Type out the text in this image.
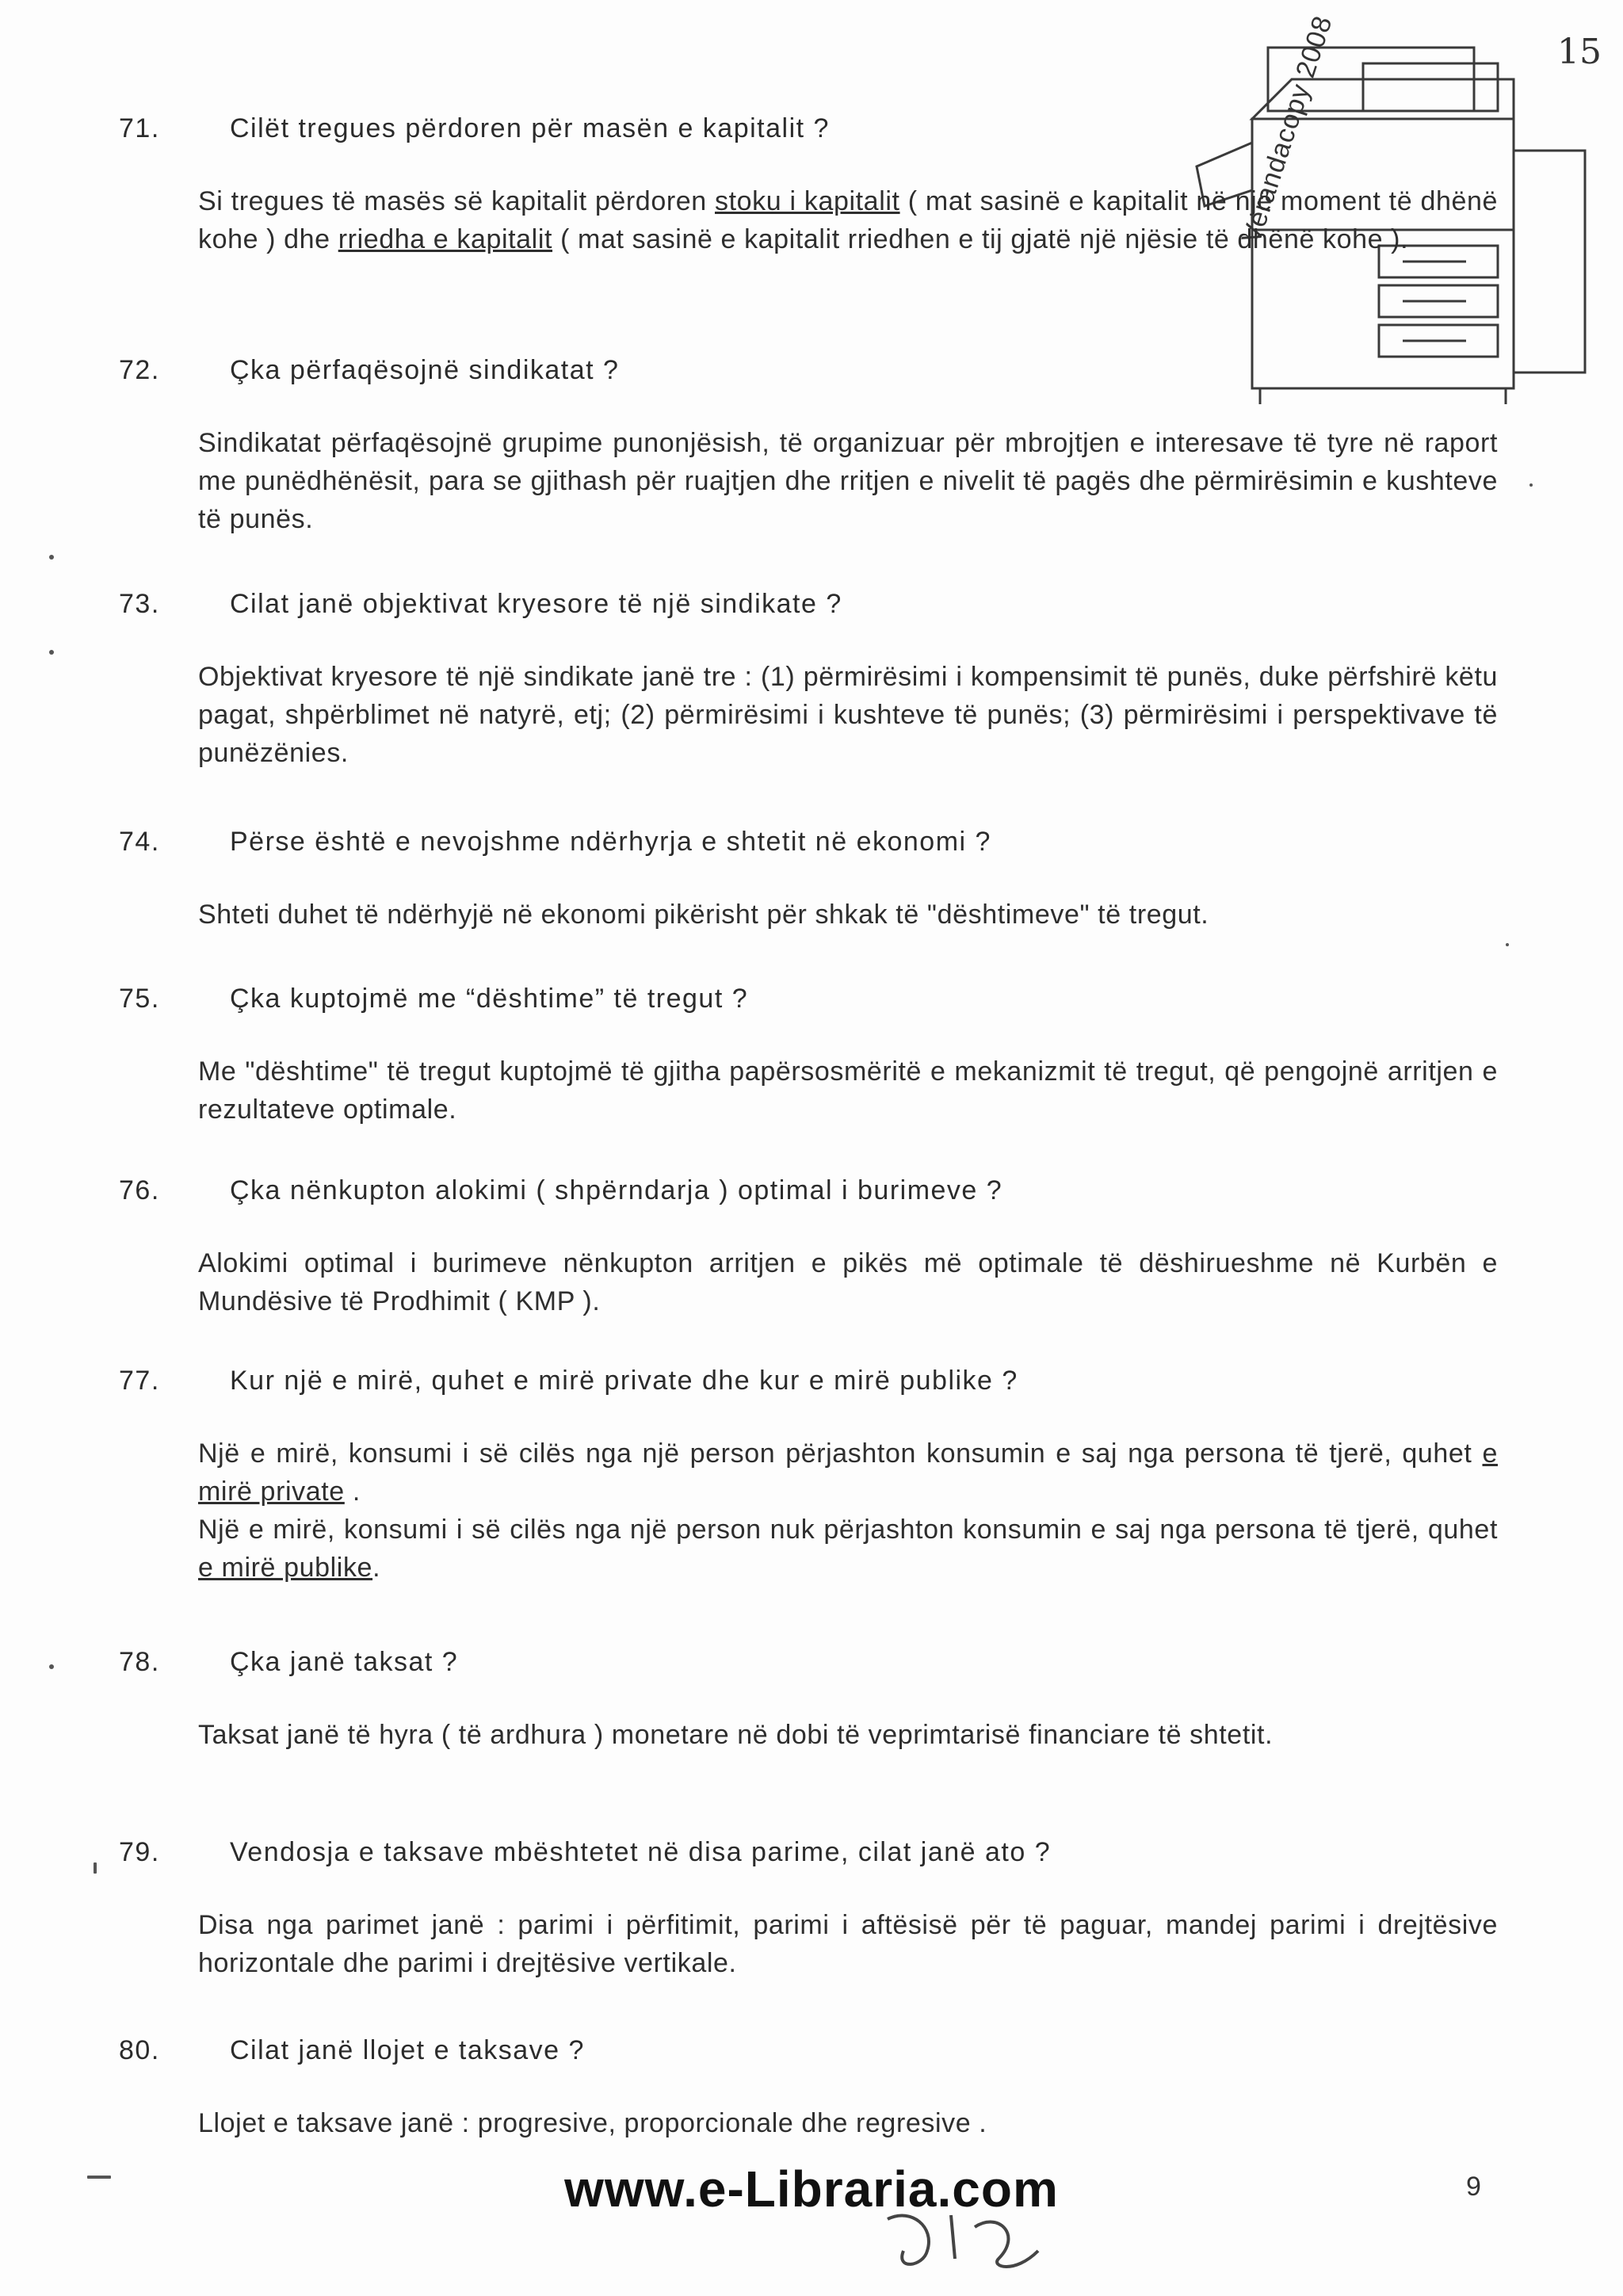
15
Verandacopy 2008
71.	Cilët tregues përdoren për masën e kapitalit ?

Si tregues të masës së kapitalit përdoren stoku i kapitalit ( mat sasinë e kapitalit në një moment të dhënë kohe ) dhe rriedha e kapitalit ( mat sasinë e kapitalit rriedhen e tij gjatë një njësie të dhënë kohe ).

72.	Çka përfaqësojnë sindikatat ?

Sindikatat përfaqësojnë grupime punonjësish, të organizuar për mbrojtjen e interesave të tyre në raport me punëdhënësit, para se gjithash për ruajtjen dhe rritjen e nivelit të pagës dhe përmirësimin e kushteve të punës.

73.	Cilat janë objektivat kryesore të një sindikate ?

Objektivat kryesore të një sindikate janë tre : (1) përmirësimi i kompensimit të punës, duke përfshirë këtu pagat, shpërblimet në natyrë, etj; (2) përmirësimi i kushteve të punës; (3) përmirësimi i perspektivave të punëzënies.

74.	Përse është e nevojshme ndërhyrja e shtetit në ekonomi ?

Shteti duhet të ndërhyjë në ekonomi pikërisht për shkak të "dështimeve" të tregut.

75.	Çka kuptojmë me “dështime” të tregut ?

Me "dështime" të tregut kuptojmë të gjitha papërsosmëritë e mekanizmit të tregut, që pengojnë arritjen e rezultateve optimale.

76.	Çka nënkupton alokimi ( shpërndarja ) optimal i burimeve ?

Alokimi optimal i burimeve nënkupton arritjen e pikës më optimale të dëshirueshme në Kurbën e Mundësive të Prodhimit ( KMP ).

77.	Kur një e mirë, quhet e mirë private dhe kur e mirë publike ?

Një e mirë, konsumi i së cilës nga një person përjashton konsumin e saj nga persona të tjerë, quhet e mirë private .

Një e mirë, konsumi i së cilës nga një person nuk përjashton konsumin e saj nga persona të tjerë, quhet e mirë publike.

78.	Çka janë taksat ?

Taksat janë të hyra ( të ardhura ) monetare në dobi të veprimtarisë financiare të shtetit.

79.	Vendosja e taksave mbështetet në disa parime, cilat janë ato ?

Disa nga parimet janë : parimi i përfitimit, parimi i aftësisë për të paguar, mandej parimi i drejtësive horizontale dhe parimi i drejtësive vertikale.

80.	Cilat janë llojet e taksave ?

Llojet e taksave janë : progresive, proporcionale dhe regresive .

www.e-Libraria.com	9
